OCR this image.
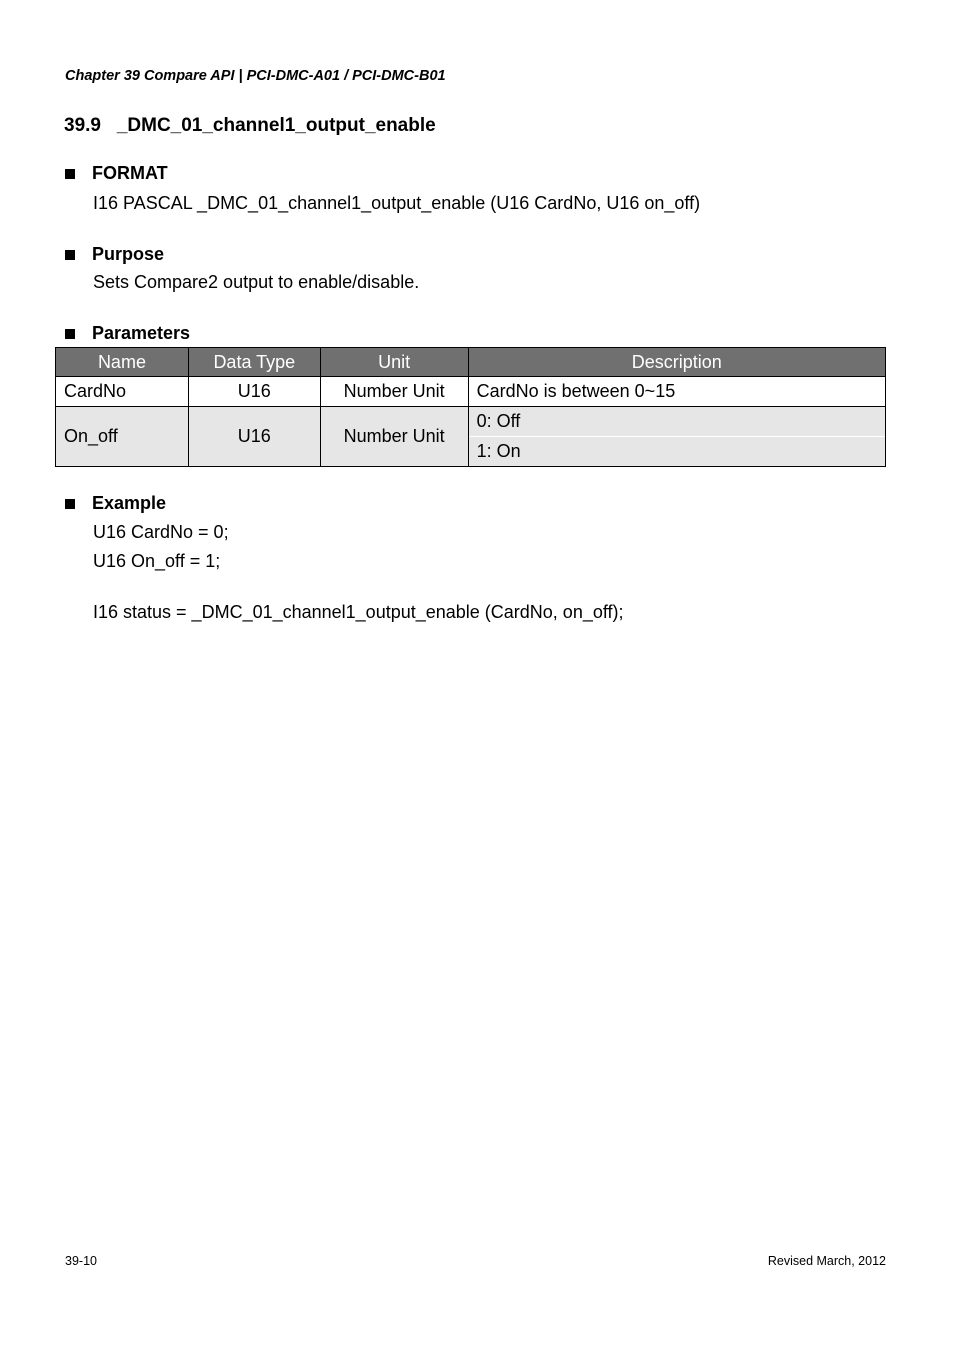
Chapter 39 Compare API | PCI-DMC-A01 / PCI-DMC-B01
39.9 _DMC_01_channel1_output_enable
FORMAT
I16 PASCAL _DMC_01_channel1_output_enable (U16 CardNo, U16 on_off)
Purpose
Sets Compare2 output to enable/disable.
Parameters
Name	Data Type	Unit	Description
CardNo	U16	Number Unit	CardNo is between 0~15
On_off	U16	Number Unit	0: Off
1: On
Example
U16 CardNo = 0;
U16 On_off = 1;
I16 status = _DMC_01_channel1_output_enable (CardNo, on_off);
39-10	Revised March, 2012
